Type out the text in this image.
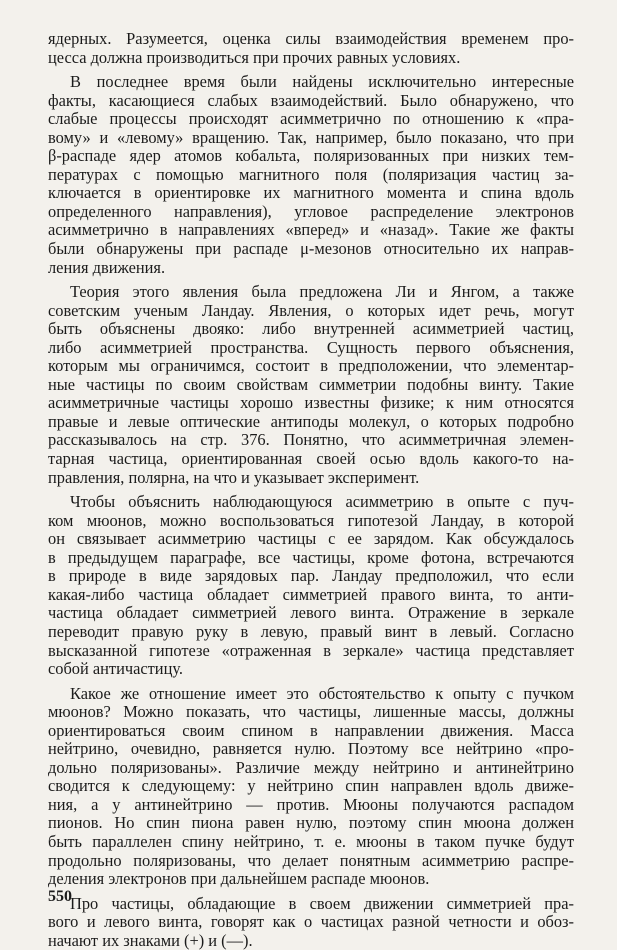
ядерных. Разумеется, оценка силы взаимодействия временем про-
цесса должна производиться при прочих равных условиях.
В последнее время были найдены исключительно интересные
факты, касающиеся слабых взаимодействий. Было обнаружено, что
слабые процессы происходят асимметрично по отношению к «пра-
вому» и «левому» вращению. Так, например, было показано, что при
β-распаде ядер атомов кобальта, поляризованных при низких тем-
пературах с помощью магнитного поля (поляризация частиц за-
ключается в ориентировке их магнитного момента и спина вдоль
определенного направления), угловое распределение электронов
асимметрично в направлениях «вперед» и «назад». Такие же факты
были обнаружены при распаде μ-мезонов относительно их направ-
ления движения.
Теория этого явления была предложена Ли и Янгом, а также
советским ученым Ландау. Явления, о которых идет речь, могут
быть объяснены двояко: либо внутренней асимметрией частиц,
либо асимметрией пространства. Сущность первого объяснения,
которым мы ограничимся, состоит в предположении, что элементар-
ные частицы по своим свойствам симметрии подобны винту. Такие
асимметричные частицы хорошо известны физике; к ним относятся
правые и левые оптические антиподы молекул, о которых подробно
рассказывалось на стр. 376. Понятно, что асимметричная элемен-
тарная частица, ориентированная своей осью вдоль какого-то на-
правления, полярна, на что и указывает эксперимент.
Чтобы объяснить наблюдающуюся асимметрию в опыте с пуч-
ком мюонов, можно воспользоваться гипотезой Ландау, в которой
он связывает асимметрию частицы с ее зарядом. Как обсуждалось
в предыдущем параграфе, все частицы, кроме фотона, встречаются
в природе в виде зарядовых пар. Ландау предположил, что если
какая-либо частица обладает симметрией правого винта, то анти-
частица обладает симметрией левого винта. Отражение в зеркале
переводит правую руку в левую, правый винт в левый. Согласно
высказанной гипотезе «отраженная в зеркале» частица представляет
собой античастицу.
Какое же отношение имеет это обстоятельство к опыту с пучком
мюонов? Можно показать, что частицы, лишенные массы, должны
ориентироваться своим спином в направлении движения. Масса
нейтрино, очевидно, равняется нулю. Поэтому все нейтрино «про-
дольно поляризованы». Различие между нейтрино и антинейтрино
сводится к следующему: у нейтрино спин направлен вдоль движе-
ния, а у антинейтрино — против. Мюоны получаются распадом
пионов. Но спин пиона равен нулю, поэтому спин мюона должен
быть параллелен спину нейтрино, т. е. мюоны в таком пучке будут
продольно поляризованы, что делает понятным асимметрию распре-
деления электронов при дальнейшем распаде мюонов.
Про частицы, обладающие в своем движении симметрией пра-
вого и левого винта, говорят как о частицах разной четности и обоз-
начают их знаками (+) и (—).
550
